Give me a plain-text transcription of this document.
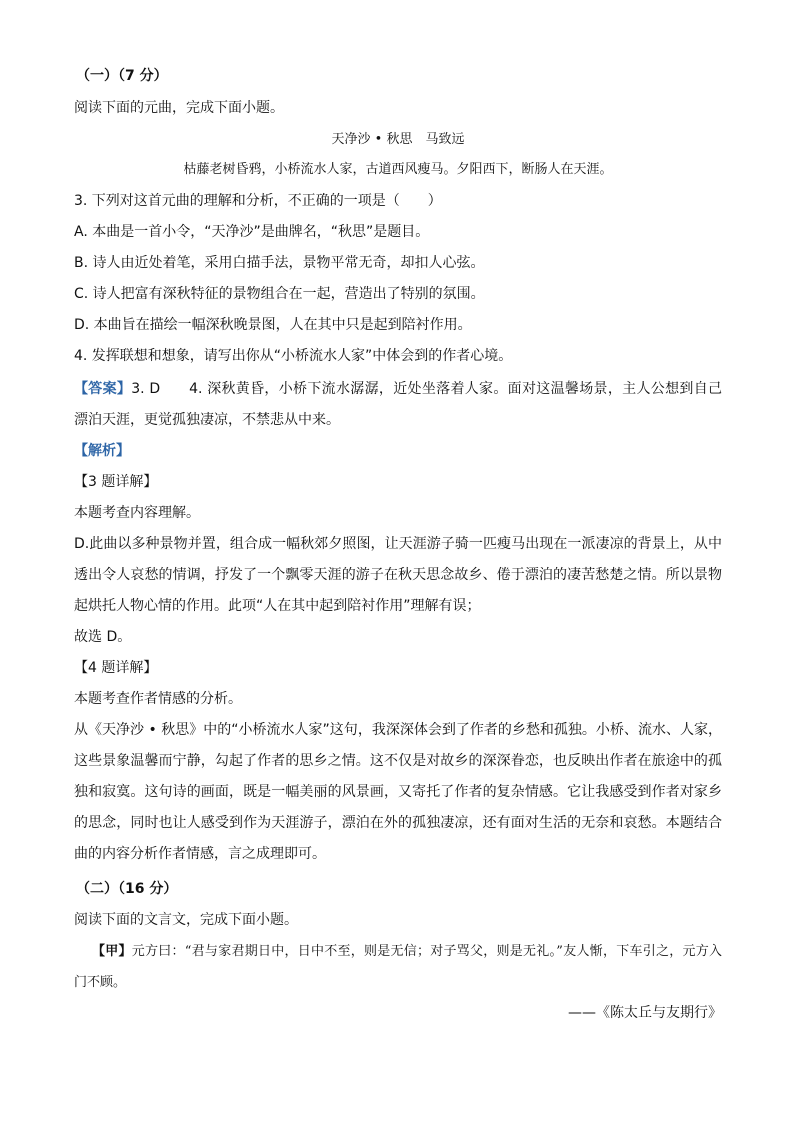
（一）（7 分）
阅读下面的元曲，完成下面小题。
天净沙 • 秋思　马致远
枯藤老树昏鸦，小桥流水人家，古道西风瘦马。夕阳西下，断肠人在天涯。
3. 下列对这首元曲的理解和分析，不正确的一项是（　　）
A. 本曲是一首小令，“天净沙”是曲牌名，“秋思”是题目。
B. 诗人由近处着笔，采用白描手法，景物平常无奇，却扣人心弦。
C. 诗人把富有深秋特征的景物组合在一起，营造出了特别的氛围。
D. 本曲旨在描绘一幅深秋晚景图，人在其中只是起到陪衬作用。
4. 发挥联想和想象，请写出你从“小桥流水人家”中体会到的作者心境。
【答案】3. D　　4. 深秋黄昏，小桥下流水潺潺，近处坐落着人家。面对这温馨场景，主人公想到自己漂泊天涯，更觉孤独凄凉，不禁悲从中来。
【解析】
【3 题详解】
本题考查内容理解。
D.此曲以多种景物并置，组合成一幅秋郊夕照图，让天涯游子骑一匹瘦马出现在一派凄凉的背景上，从中透出令人哀愁的情调，抒发了一个飘零天涯的游子在秋天思念故乡、倦于漂泊的凄苦愁楚之情。所以景物起烘托人物心情的作用。此项“人在其中起到陪衬作用”理解有误；
故选 D。
【4 题详解】
本题考查作者情感的分析。
从《天净沙 • 秋思》中的“小桥流水人家”这句，我深深体会到了作者的乡愁和孤独。小桥、流水、人家，这些景象温馨而宁静，勾起了作者的思乡之情。这不仅是对故乡的深深眷恋，也反映出作者在旅途中的孤独和寂寞。这句诗的画面，既是一幅美丽的风景画，又寄托了作者的复杂情感。它让我感受到作者对家乡的思念，同时也让人感受到作为天涯游子，漂泊在外的孤独凄凉，还有面对生活的无奈和哀愁。本题结合曲的内容分析作者情感，言之成理即可。
（二）（16 分）
阅读下面的文言文，完成下面小题。
【甲】元方曰：“君与家君期日中，日中不至，则是无信；对子骂父，则是无礼。”友人惭，下车引之，元方入门不顾。
——《陈太丘与友期行》
